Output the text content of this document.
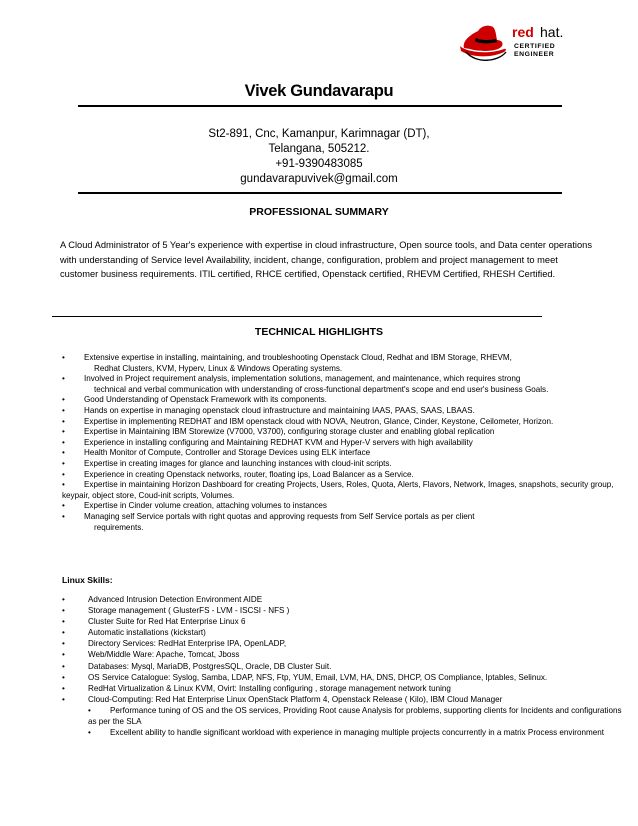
red hat.
CERTIFIED
ENGINEER
Vivek Gundavarapu
St2-891, Cnc, Kamanpur, Karimnagar (DT),
Telangana, 505212.
+91-9390483085
gundavarapuvivek@gmail.com
PROFESSIONAL SUMMARY
A Cloud Administrator of 5 Year's experience with expertise in cloud infrastructure, Open source tools, and Data center operations with understanding of Service level Availability, incident, change, configuration, problem and project management to meet customer business requirements. ITIL certified, RHCE certified, Openstack certified, RHEVM Certified, RHESH Certified.
TECHNICAL HIGHLIGHTS
•	Extensive expertise in installing, maintaining, and troubleshooting Openstack Cloud, Redhat and IBM Storage, RHEVM,
Redhat Clusters, KVM, Hyperv, Linux & Windows Operating systems.
•	Involved in Project requirement analysis, implementation solutions, management, and maintenance, which requires strong
technical and verbal communication with understanding of cross-functional department's scope and end user's business Goals.
•	Good Understanding of Openstack Framework with its components.
•	Hands on expertise in managing openstack cloud infrastructure and maintaining IAAS, PAAS, SAAS, LBAAS.
• Expertise in implementing REDHAT and IBM openstack cloud with NOVA, Neutron, Glance, Cinder, Keystone, Ceilometer, Horizon.
•	Expertise in Maintaining IBM Storewize (V7000, V3700), configuring storage cluster and enabling global replication
•	Experience in installing configuring and Maintaining REDHAT KVM and Hyper-V servers with high availability
•	Health Monitor of Compute, Controller and Storage Devices using ELK interface
•	Expertise in creating images for glance and launching instances with cloud-init scripts.
•	Experience in creating Openstack networks, router, floating ips, Load Balancer as a Service.
• Expertise in maintaining Horizon Dashboard for creating Projects, Users, Roles, Quota, Alerts, Flavors, Network, Images, snapshots, security group, keypair, object store, Coud-init scripts, Volumes.
•	Expertise in Cinder volume creation, attaching volumes to instances
•	Managing self Service portals with right quotas and approving requests from Self Service portals as per client
requirements.
Linux Skills:
•	Advanced Intrusion Detection Environment AIDE
•	Storage management ( GlusterFS - LVM - ISCSI - NFS )
•	Cluster Suite for Red Hat Enterprise Linux 6
•	Automatic installations (kickstart)
•	Directory Services: RedHat Enterprise IPA, OpenLADP,
•	Web/Middle Ware: Apache, Tomcat, Jboss
•	Databases: Mysql, MariaDB, PostgresSQL, Oracle, DB Cluster Suit.
•	OS Service Catalogue: Syslog, Samba, LDAP, NFS, Ftp, YUM, Email, LVM, HA, DNS, DHCP, OS Compliance, Iptables, Selinux.
•	RedHat Virtualization & Linux KVM, Ovirt: Installing configuring , storage management network tuning
•	Cloud-Computing: Red Hat Enterprise Linux OpenStack Platform 4, Openstack Release ( Kilo), IBM Cloud Manager
• Performance tuning of OS and the OS services, Providing Root cause Analysis for problems, supporting clients for Incidents and configurations as per the SLA
• Excellent ability to handle significant workload with experience in managing multiple projects concurrently in a matrix Process environment
